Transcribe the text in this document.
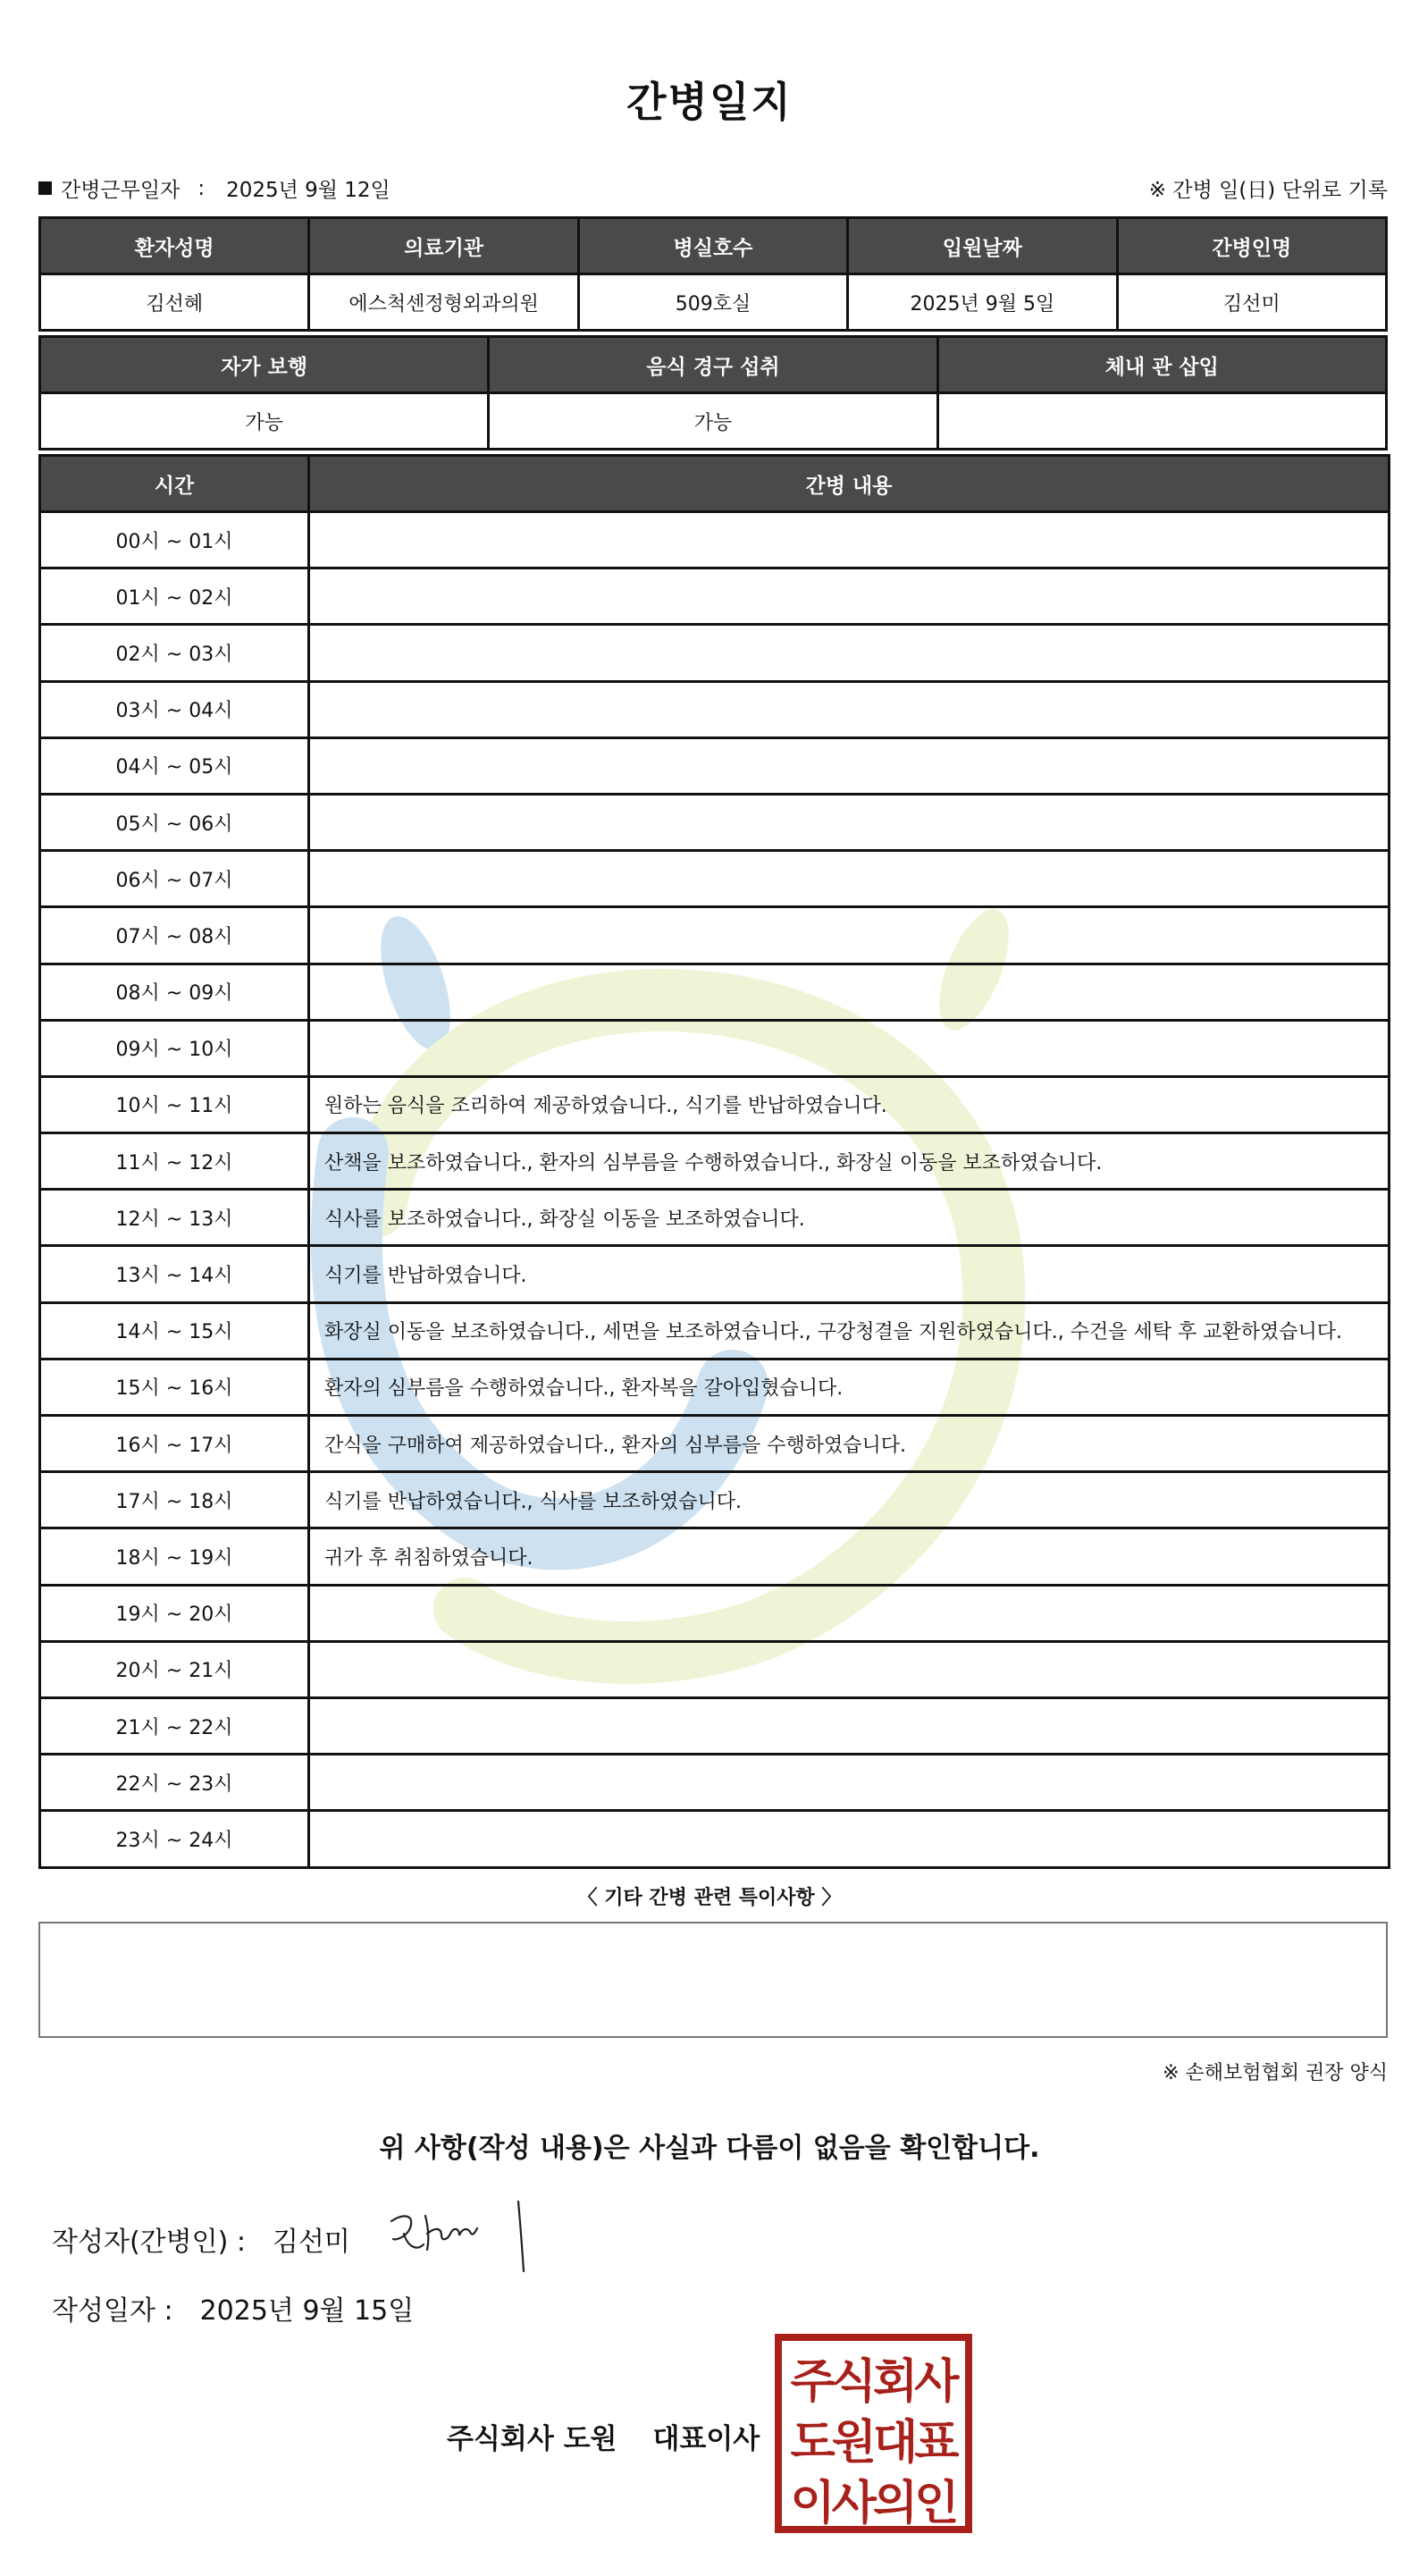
간병일지
간병근무일자 : 2025년 9월 12일	※ 간병 일(日) 단위로 기록
환자성명	의료기관	병실호수	입원날짜	간병인명
김선혜	에스척센정형외과의원	509호실	2025년 9월 5일	김선미
자가 보행	음식 경구 섭취	체내 관 삽입
가능	가능	
시간	간병 내용
00시 ~ 01시	
01시 ~ 02시	
02시 ~ 03시	
03시 ~ 04시	
04시 ~ 05시	
05시 ~ 06시	
06시 ~ 07시	
07시 ~ 08시	
08시 ~ 09시	
09시 ~ 10시	
10시 ~ 11시	원하는 음식을 조리하여 제공하였습니다., 식기를 반납하였습니다.
11시 ~ 12시	산책을 보조하였습니다., 환자의 심부름을 수행하였습니다., 화장실 이동을 보조하였습니다.
12시 ~ 13시	식사를 보조하였습니다., 화장실 이동을 보조하였습니다.
13시 ~ 14시	식기를 반납하였습니다.
14시 ~ 15시	화장실 이동을 보조하였습니다., 세면을 보조하였습니다., 구강청결을 지원하였습니다., 수건을 세탁 후 교환하였습니다.
15시 ~ 16시	환자의 심부름을 수행하였습니다., 환자복을 갈아입혔습니다.
16시 ~ 17시	간식을 구매하여 제공하였습니다., 환자의 심부름을 수행하였습니다.
17시 ~ 18시	식기를 반납하였습니다., 식사를 보조하였습니다.
18시 ~ 19시	귀가 후 취침하였습니다.
19시 ~ 20시	
20시 ~ 21시	
21시 ~ 22시	
22시 ~ 23시	
23시 ~ 24시	
〈 기타 간병 관련 특이사항 〉
※ 손해보험협회 권장 양식
위 사항(작성 내용)은 사실과 다름이 없음을 확인합니다.
작성자(간병인) : 김선미
작성일자 : 2025년 9월 15일
주식회사 도원 대표이사
주식회사
도원대표
이사의인
